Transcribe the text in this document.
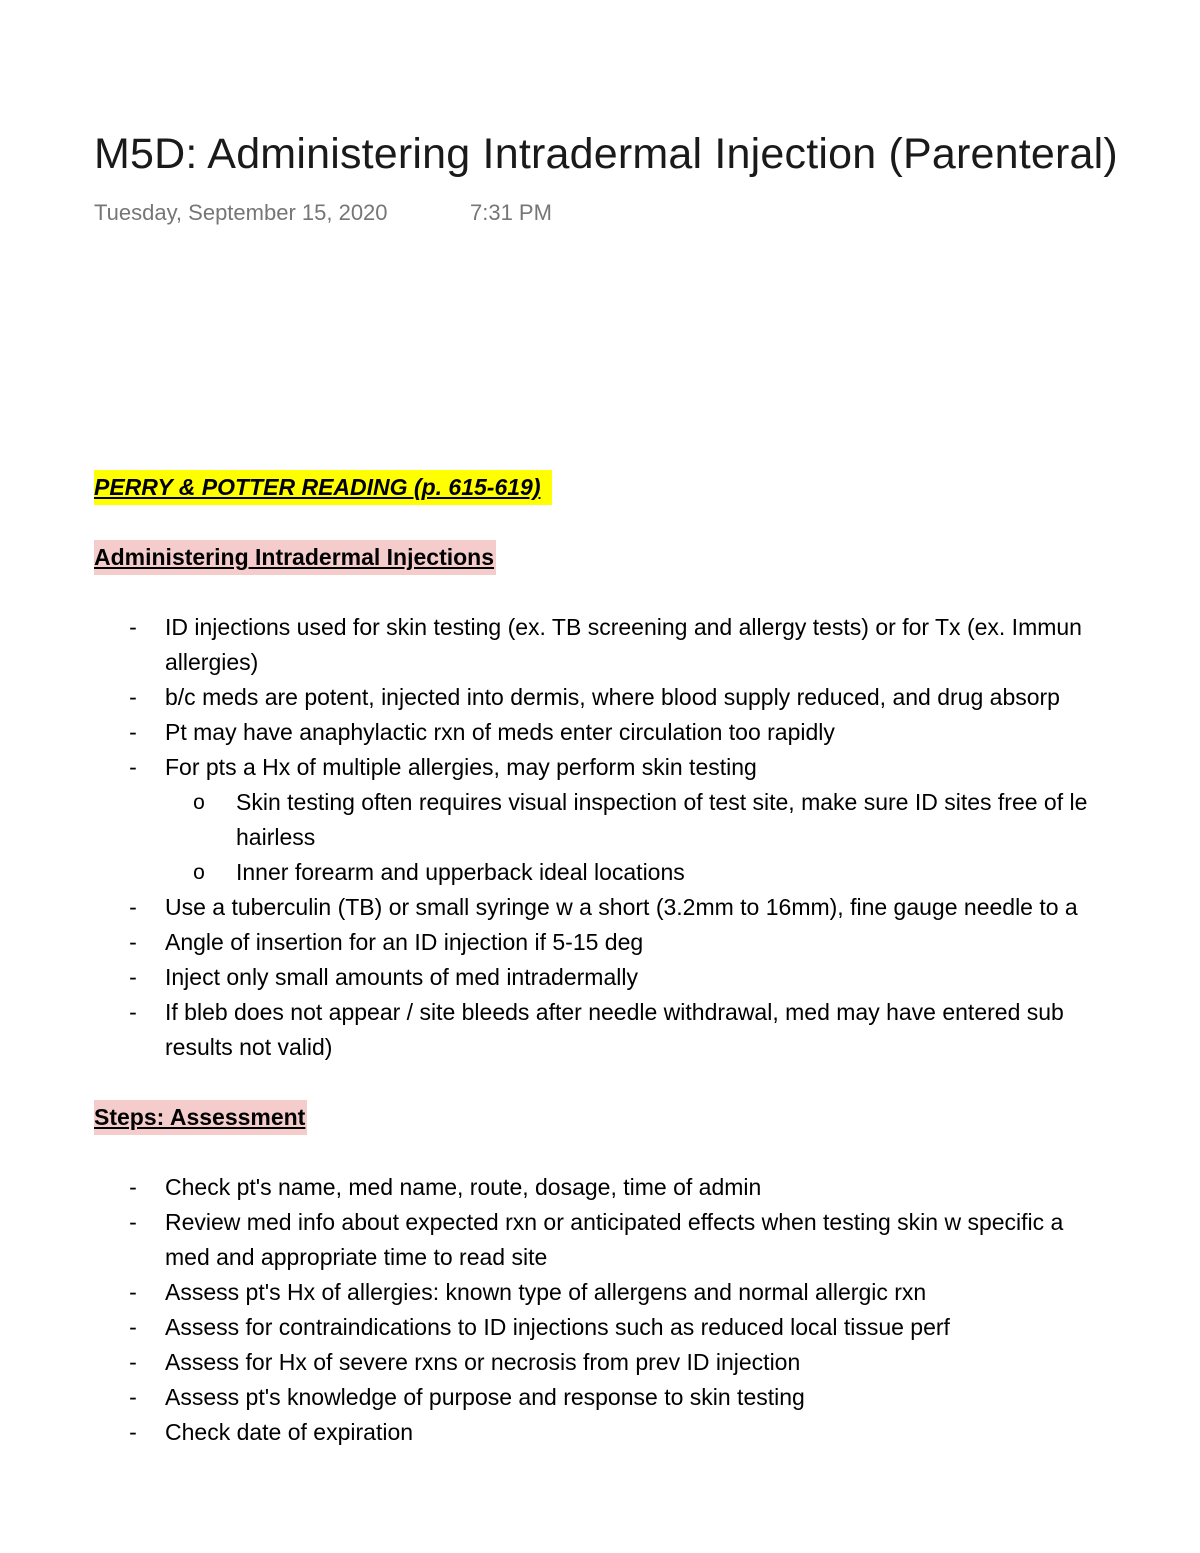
M5D: Administering Intradermal Injection (Parenteral)
Tuesday, September 15, 2020	7:31 PM
PERRY & POTTER READING (p. 615-619)
Administering Intradermal Injections
- ID injections used for skin testing (ex. TB screening and allergy tests) or for Tx (ex. Immun
allergies)
- b/c meds are potent, injected into dermis, where blood supply reduced, and drug absorp
- Pt may have anaphylactic rxn of meds enter circulation too rapidly
- For pts a Hx of multiple allergies, may perform skin testing
o Skin testing often requires visual inspection of test site, make sure ID sites free of le
hairless
o Inner forearm and upperback ideal locations
- Use a tuberculin (TB) or small syringe w a short (3.2mm to 16mm), fine gauge needle to a
- Angle of insertion for an ID injection if 5-15 deg
- Inject only small amounts of med intradermally
- If bleb does not appear / site bleeds after needle withdrawal, med may have entered sub
results not valid)
Steps: Assessment
- Check pt's name, med name, route, dosage, time of admin
- Review med info about expected rxn or anticipated effects when testing skin w specific a
med and appropriate time to read site
- Assess pt's Hx of allergies: known type of allergens and normal allergic rxn
- Assess for contraindications to ID injections such as reduced local tissue perf
- Assess for Hx of severe rxns or necrosis from prev ID injection
- Assess pt's knowledge of purpose and response to skin testing
- Check date of expiration
